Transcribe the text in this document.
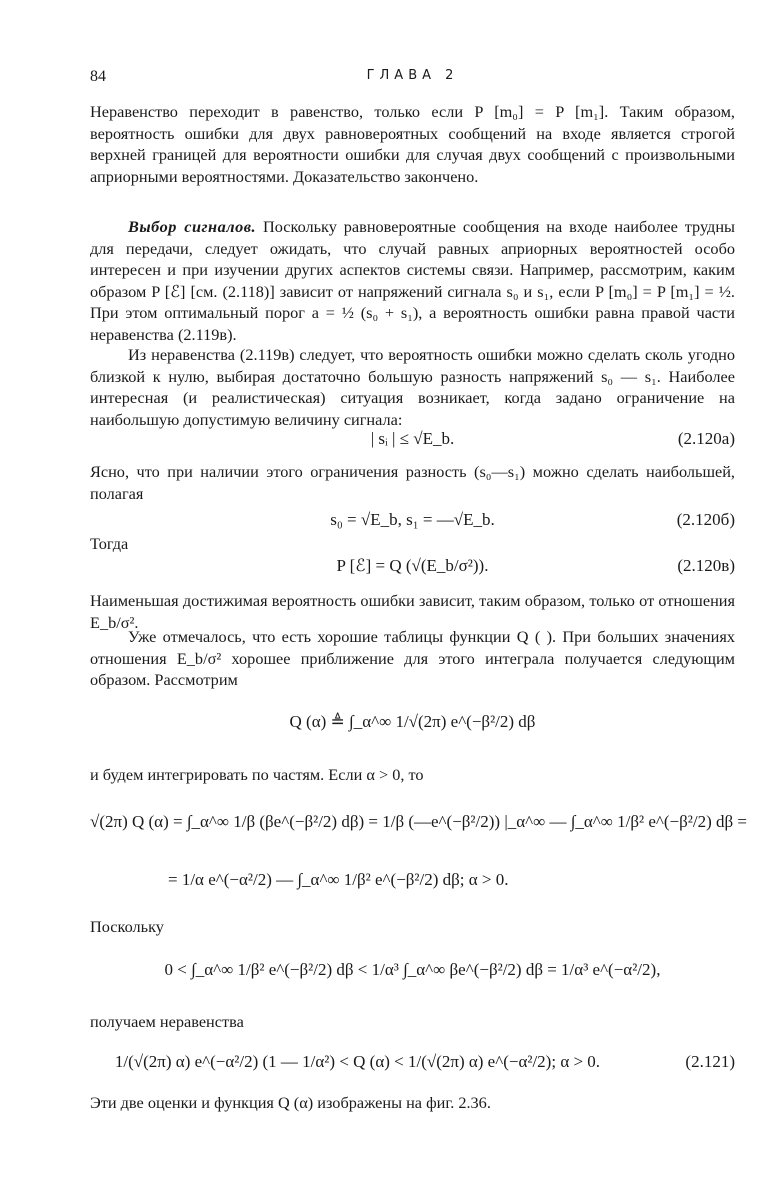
84	ГЛАВА 2
Неравенство переходит в равенство, только если P [m₀] = P [m₁]. Таким образом, вероятность ошибки для двух равновероятных сообщений на входе является строгой верхней границей для вероятности ошибки для случая двух сообщений с произвольными априорными вероятностями. Доказательство закончено.
Выбор сигналов. Поскольку равновероятные сообщения на входе наиболее трудны для передачи, следует ожидать, что случай равных априорных вероятностей особо интересен и при изучении других аспектов системы связи. Например, рассмотрим, каким образом P [ℰ] [см. (2.118)] зависит от напряжений сигнала s₀ и s₁, если P [m₀] = P [m₁] = ½. При этом оптимальный порог a = ½ (s₀ + s₁), а вероятность ошибки равна правой части неравенства (2.119в).
Из неравенства (2.119в) следует, что вероятность ошибки можно сделать сколь угодно близкой к нулю, выбирая достаточно большую разность напряжений s₀ — s₁. Наиболее интересная (и реалистическая) ситуация возникает, когда задано ограничение на наибольшую допустимую величину сигнала:
| sᵢ | ≤ √E_b.	(2.120а)
Ясно, что при наличии этого ограничения разность (s₀—s₁) можно сделать наибольшей, полагая
s₀ = √E_b, s₁ = —√E_b.	(2.120б)
Тогда
P [ℰ] = Q (√(E_b/σ²)).	(2.120в)
Наименьшая достижимая вероятность ошибки зависит, таким образом, только от отношения E_b/σ².
Уже отмечалось, что есть хорошие таблицы функции Q ( ). При больших значениях отношения E_b/σ² хорошее приближение для этого интеграла получается следующим образом. Рассмотрим
Q (α) ≜ ∫_α^∞ 1/√(2π) e^(−β²/2) dβ
и будем интегрировать по частям. Если α > 0, то
√(2π) Q (α) = ∫_α^∞ 1/β (βe^(−β²/2) dβ) = 1/β (—e^(−β²/2)) |_α^∞ — ∫_α^∞ 1/β² e^(−β²/2) dβ =
= 1/α e^(−α²/2) — ∫_α^∞ 1/β² e^(−β²/2) dβ; α > 0.
Поскольку
0 < ∫_α^∞ 1/β² e^(−β²/2) dβ < 1/α³ ∫_α^∞ βe^(−β²/2) dβ = 1/α³ e^(−α²/2),
получаем неравенства
1/(√(2π) α) e^(−α²/2) (1 — 1/α²) < Q (α) < 1/(√(2π) α) e^(−α²/2); α > 0.	(2.121)
Эти две оценки и функция Q (α) изображены на фиг. 2.36.
